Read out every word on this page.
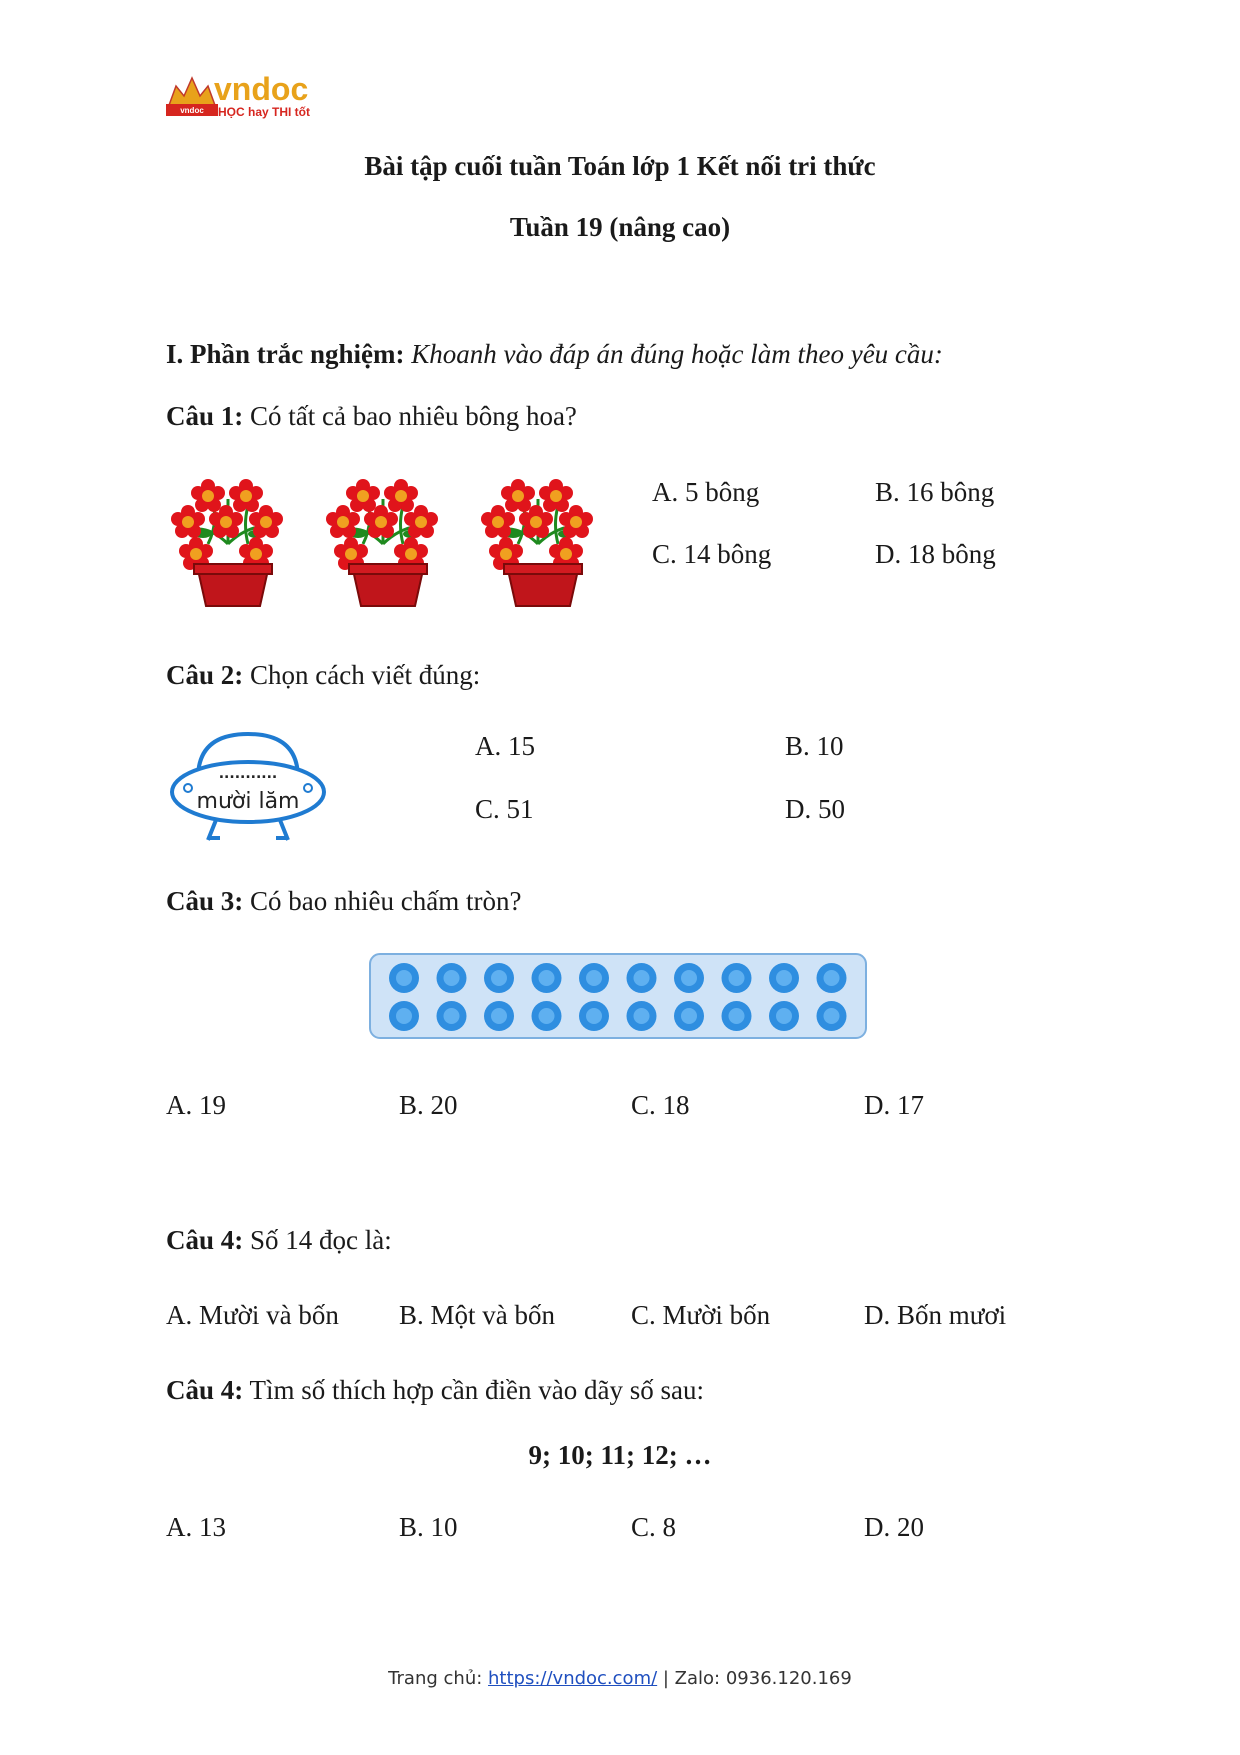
vndoc
vndoc
HỌC hay THI tốt
Bài tập cuối tuần Toán lớp 1 Kết nối tri thức
Tuần 19 (nâng cao)
I. Phần trắc nghiệm: Khoanh vào đáp án đúng hoặc làm theo yêu cầu:
Câu 1: Có tất cả bao nhiêu bông hoa?
A. 5 bông	B. 16 bông
C. 14 bông	D. 18 bông
Câu 2: Chọn cách viết đúng:
...........
mười lăm
A. 15	B. 10
C. 51	D. 50
Câu 3: Có bao nhiêu chấm tròn?
A. 19	B. 20	C. 18	D. 17
Câu 4: Số 14 đọc là:
A. Mười và bốn B. Một và bốn	C. Mười bốn	D. Bốn mươi
Câu 4: Tìm số thích hợp cần điền vào dãy số sau:
9; 10; 11; 12; …
A. 13	B. 10	C. 8	D. 20
Trang chủ: https://vndoc.com/ | Zalo: 0936.120.169
